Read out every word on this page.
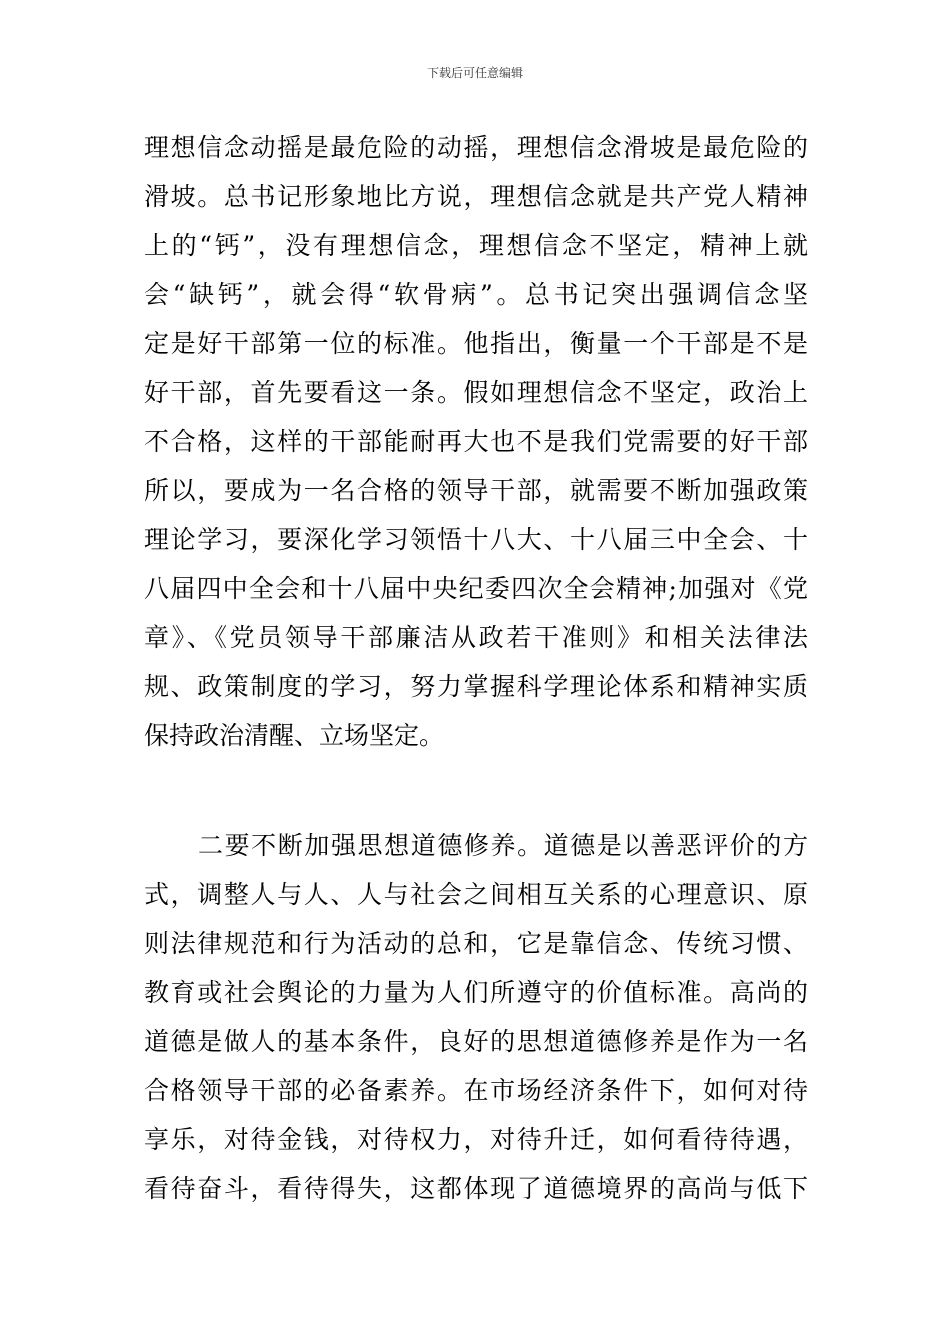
下载后可任意编辑
理想信念动摇是最危险的动摇，理想信念滑坡是最危险的
滑坡。总书记形象地比方说，理想信念就是共产党人精神
上的“钙”，没有理想信念，理想信念不坚定，精神上就
会“缺钙”，就会得“软骨病”。总书记突出强调信念坚
定是好干部第一位的标准。他指出，衡量一个干部是不是
好干部，首先要看这一条。假如理想信念不坚定，政治上
不合格，这样的干部能耐再大也不是我们党需要的好干部
所以，要成为一名合格的领导干部，就需要不断加强政策
理论学习，要深化学习领悟十八大、十八届三中全会、十
八届四中全会和十八届中央纪委四次全会精神;加强对《党
章》、《党员领导干部廉洁从政若干准则》和相关法律法
规、政策制度的学习，努力掌握科学理论体系和精神实质
保持政治清醒、立场坚定。
二要不断加强思想道德修养。道德是以善恶评价的方
式，调整人与人、人与社会之间相互关系的心理意识、原
则法律规范和行为活动的总和，它是靠信念、传统习惯、
教育或社会舆论的力量为人们所遵守的价值标准。高尚的
道德是做人的基本条件，良好的思想道德修养是作为一名
合格领导干部的必备素养。在市场经济条件下，如何对待
享乐，对待金钱，对待权力，对待升迁，如何看待待遇，
看待奋斗，看待得失，这都体现了道德境界的高尚与低下
